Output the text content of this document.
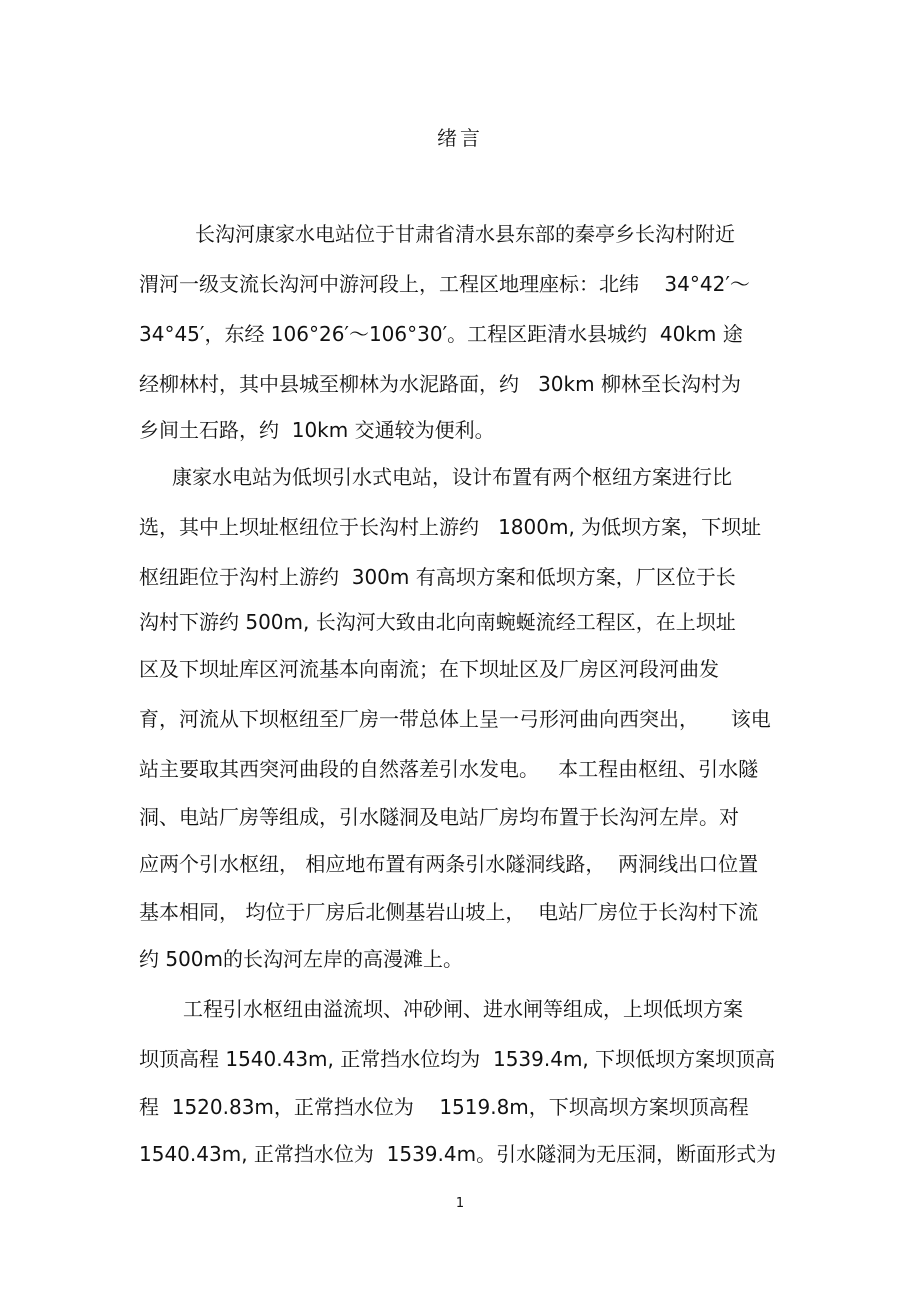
绪言
长沟河康家水电站位于甘肃省清水县东部的秦亭乡长沟村附近
渭河一级支流长沟河中游河段上，工程区地理座标：北纬    34°42′～
34°45′，东经 106°26′～106°30′。工程区距清水县城约  40km 途
经柳林村，其中县城至柳林为水泥路面，约   30km 柳林至长沟村为
乡间土石路，约  10km 交通较为便利。
康家水电站为低坝引水式电站，设计布置有两个枢纽方案进行比
选，其中上坝址枢纽位于长沟村上游约   1800m, 为低坝方案，下坝址
枢纽距位于沟村上游约  300m 有高坝方案和低坝方案，厂区位于长
沟村下游约 500m, 长沟河大致由北向南蜿蜒流经工程区，在上坝址
区及下坝址库区河流基本向南流；在下坝址区及厂房区河段河曲发
育，河流从下坝枢纽至厂房一带总体上呈一弓形河曲向西突出，     该电
站主要取其西突河曲段的自然落差引水发电。   本工程由枢纽、引水隧
洞、电站厂房等组成，引水隧洞及电站厂房均布置于长沟河左岸。对
应两个引水枢纽， 相应地布置有两条引水隧洞线路，  两洞线出口位置
基本相同， 均位于厂房后北侧基岩山坡上，  电站厂房位于长沟村下流
约 500m的长沟河左岸的高漫滩上。
工程引水枢纽由溢流坝、冲砂闸、进水闸等组成，上坝低坝方案
坝顶高程 1540.43m, 正常挡水位均为  1539.4m, 下坝低坝方案坝顶高
程  1520.83m，正常挡水位为    1519.8m，下坝高坝方案坝顶高程
1540.43m, 正常挡水位为  1539.4m。引水隧洞为无压洞，断面形式为
1
